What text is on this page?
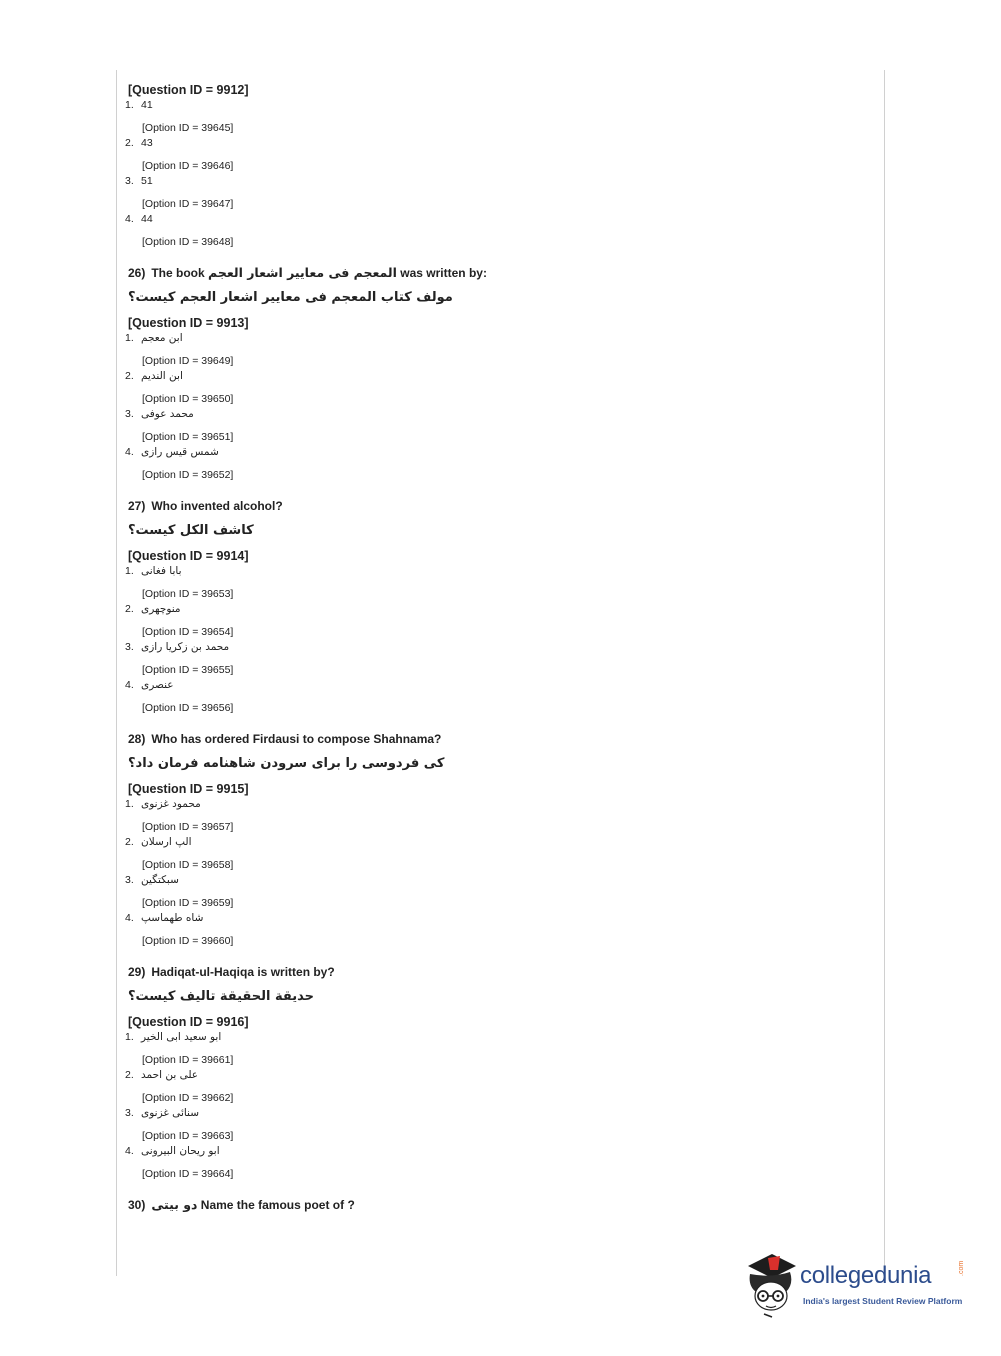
[Question ID = 9912]

1. 41
[Option ID = 39645]
2. 43
[Option ID = 39646]
3. 51
[Option ID = 39647]
4. 44
[Option ID = 39648]

26) The book المعجم فی معاییر اشعار العجم was written by:

مولف کتاب المعجم فی معاییر اشعار العجم کیست؟

[Question ID = 9913]

1. ابن معجم
[Option ID = 39649]
2. ابن الندیم
[Option ID = 39650]
3. محمد عوفی
[Option ID = 39651]
4. شمس قیس رازی
[Option ID = 39652]

27) Who invented alcohol?

کاشف الکل کیست؟

[Question ID = 9914]

1. بابا فغانی
[Option ID = 39653]
2. منوچهری
[Option ID = 39654]
3. محمد بن زکریا رازی
[Option ID = 39655]
4. عنصری
[Option ID = 39656]

28) Who has ordered Firdausi to compose Shahnama?

کی فردوسی را برای سرودن شاهنامه فرمان داد؟

[Question ID = 9915]

1. محمود غزنوی
[Option ID = 39657]
2. الپ ارسلان
[Option ID = 39658]
3. سبکتگین
[Option ID = 39659]
4. شاه طهماسپ
[Option ID = 39660]

29) Hadiqat-ul-Haqiqa is written by?

حدیقة الحقیقة تالیف کیست؟

[Question ID = 9916]

1. ابو سعید ابی الخیر
[Option ID = 39661]
2. علی بن احمد
[Option ID = 39662]
3. سنائی غزنوی
[Option ID = 39663]
4. ابو ریحان البیرونی
[Option ID = 39664]

30) دو بیتی Name the famous poet of ?

collegedunia	.com
India's largest Student Review Platform
